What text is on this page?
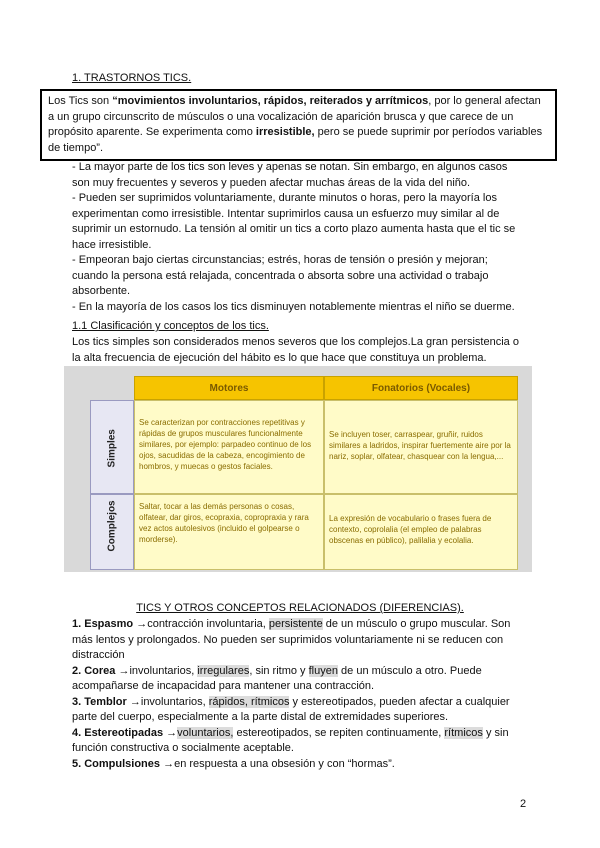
1. TRASTORNOS TICS.
Los Tics son “movimientos involuntarios, rápidos, reiterados y arrítmicos, por lo general afectan a un grupo circunscrito de músculos o una vocalización de aparición brusca y que carece de un propósito aparente. Se experimenta como irresistible, pero se puede suprimir por períodos variables de tiempo”.

- La mayor parte de los tics son leves y apenas se notan. Sin embargo, en algunos casos son muy frecuentes y severos y pueden afectar muchas áreas de la vida del niño.

- Pueden ser suprimidos voluntariamente, durante minutos o horas, pero la mayoría los experimentan como irresistible. Intentar suprimirlos causa un esfuerzo muy similar al de suprimir un estornudo. La tensión al omitir un tics a corto plazo aumenta hasta que el tic se hace irresistible.

- Empeoran bajo ciertas circunstancias; estrés, horas de tensión o presión y mejoran; cuando la persona está relajada, concentrada o absorta sobre una actividad o trabajo absorbente.

- En la mayoría de los casos los tics disminuyen notablemente mientras el niño se duerme.

1.1 Clasificación y conceptos de los tics.
Los tics simples son considerados menos severos que los complejos.La gran persistencia o la alta frecuencia de ejecución del hábito es lo que hace que constituya un problema.
Motores	Fonatorios (Vocales)
Simples
Complejos
Se caracterizan por contracciones repetitivas y rápidas de grupos musculares funcionalmente similares, por ejemplo: parpadeo continuo de los ojos, sacudidas de la cabeza, encogimiento de hombros, y muecas o gestos faciales.
Se incluyen toser, carraspear, gruñir, ruidos similares a ladridos, inspirar fuertemente aire por la nariz, soplar, olfatear, chasquear con la lengua,...
Saltar, tocar a las demás personas o cosas, olfatear, dar giros, ecopraxia, copropraxia y rara vez actos autolesivos (incluido el golpearse o morderse).
La expresión de vocabulario o frases fuera de contexto, coprolalia (el empleo de palabras obscenas en público), palilalia y ecolalia.
TICS Y OTROS CONCEPTOS RELACIONADOS (DIFERENCIAS).

1. Espasmo →contracción involuntaria, persistente de un músculo o grupo muscular. Son más lentos y prolongados. No pueden ser suprimidos voluntariamente ni se reducen con distracción

2. Corea →involuntarios, irregulares, sin ritmo y fluyen de un músculo a otro. Puede acompañarse de incapacidad para mantener una contracción.

3. Temblor →involuntarios, rápidos, rítmicos y estereotipados, pueden afectar a cualquier parte del cuerpo, especialmente a la parte distal de extremidades superiores.

4. Estereotipadas →voluntarios, estereotipados, se repiten continuamente, rítmicos y sin función constructiva o socialmente aceptable.

5. Compulsiones →en respuesta a una obsesión y con “hormas”.

2
